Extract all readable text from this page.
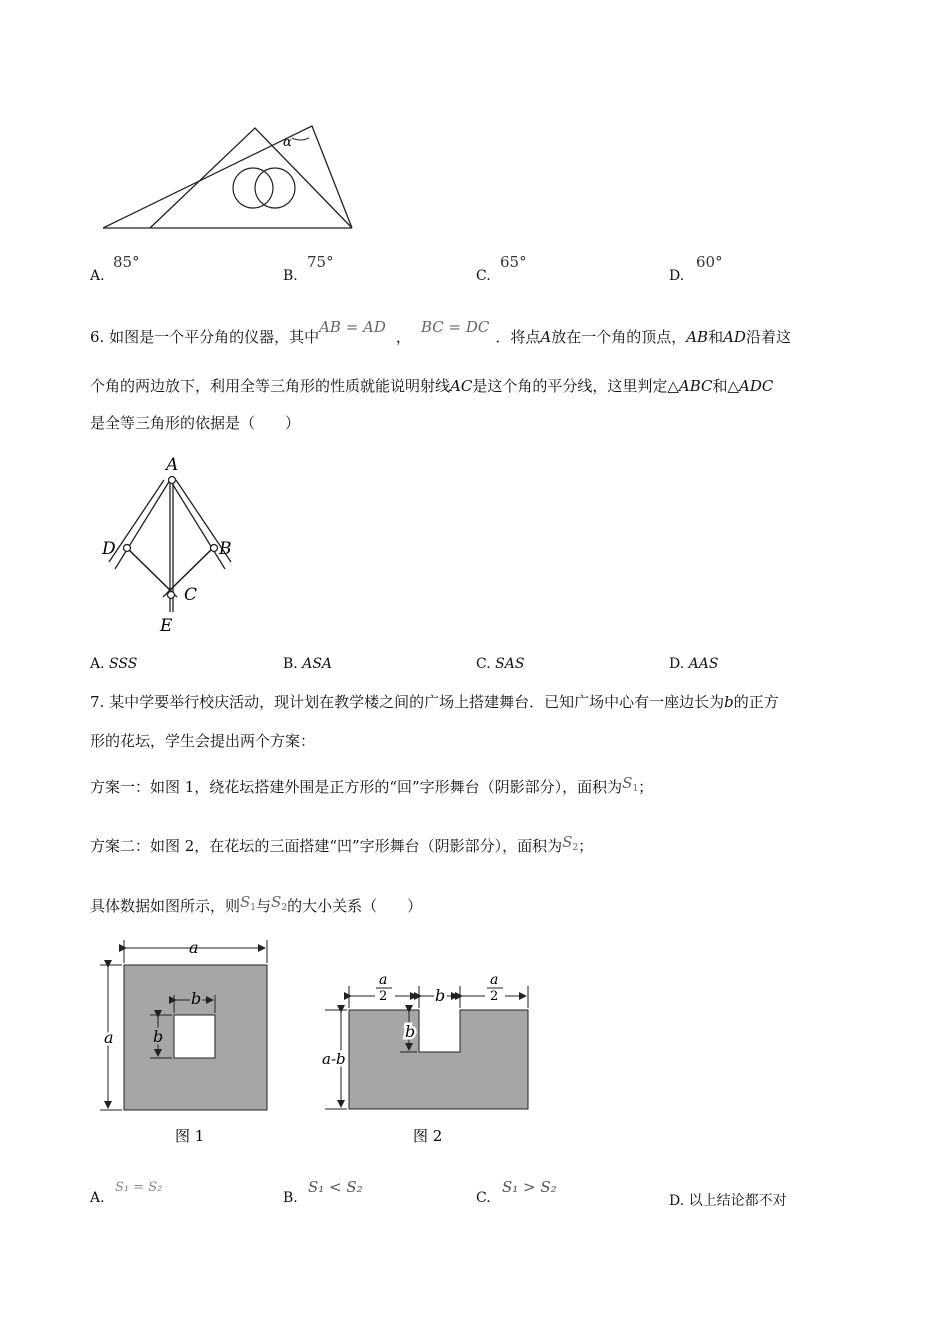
α
A.
85°
B.
75°
C.
65°
D.
60°
6. 如图是一个平分角的仪器，其中AB = AD，BC = DC．将点A放在一个角的顶点，AB和AD沿着这
个角的两边放下，利用全等三角形的性质就能说明射线AC是这个角的平分线，这里判定△ABC和△ADC
是全等三角形的依据是（　　）
A
D	B
C
E
A. SSS	B. ASA	C. SAS	D. AAS
7. 某中学要举行校庆活动，现计划在教学楼之间的广场上搭建舞台．已知广场中心有一座边长为b的正方
形的花坛，学生会提出两个方案：
方案一：如图 1，绕花坛搭建外围是正方形的“回”字形舞台（阴影部分），面积为$S_1$；
方案二：如图 2，在花坛的三面搭建“凹”字形舞台（阴影部分），面积为$S_2$；
具体数据如图所示，则$S_1$与$S_2$的大小关系（　　）
a
a
b
b
图 1
a
2
a
2
b
b
a-b
图 2
A.
S₁ = S₂
B.
S₁ < S₂
C.
S₁ > S₂
D. 以上结论都不对
